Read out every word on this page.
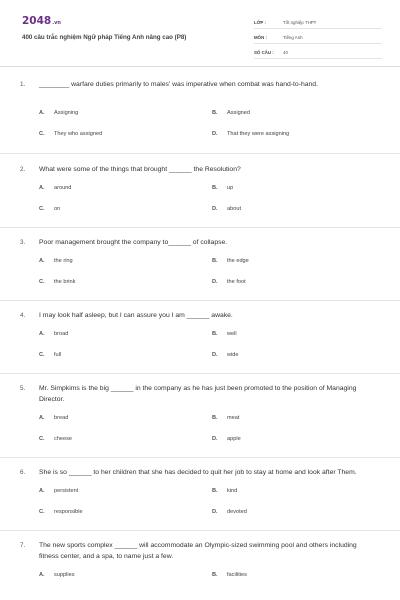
2048.vn
400 câu trắc nghiệm Ngữ pháp Tiếng Anh nâng cao (P8)
LỚP :	Tốt nghiệp THPT
MÔN :	Tiếng Anh
SỐ CÂU :	40
1. ________ warfare duties primarily to males' was imperative when combat was hand-to-hand.
A.	Assigning	B.	Assigned
C.	They who assigned	D.	That they were assigning
2. What were some of the things that brought ______ the Resolution?
A.	around	B.	up
C.	on	D.	about
3. Poor management brought the company to______ of collapse.
A.	the ring	B.	the edge
C.	the brink	D.	the foot
4. I may look half asleep, but I can assure you I am ______ awake.
A.	broad	B.	well
C.	full	D.	wide
5. Mr. Simpkims is the big ______ in the company as he has just been promoted to the position of Managing Director.
A.	bread	B.	meat
C.	cheese	D.	apple
6. She is so ______ to her children that she has decided to quit her job to stay at home and look after Them.
A.	persistent	B.	kind
C.	responsible	D.	devoted
7. The new sports complex ______ will accommodate an Olympic-sized swimming pool and others including fitness center, and a spa, to name just a few.
A.	supplies	B.	facilities
